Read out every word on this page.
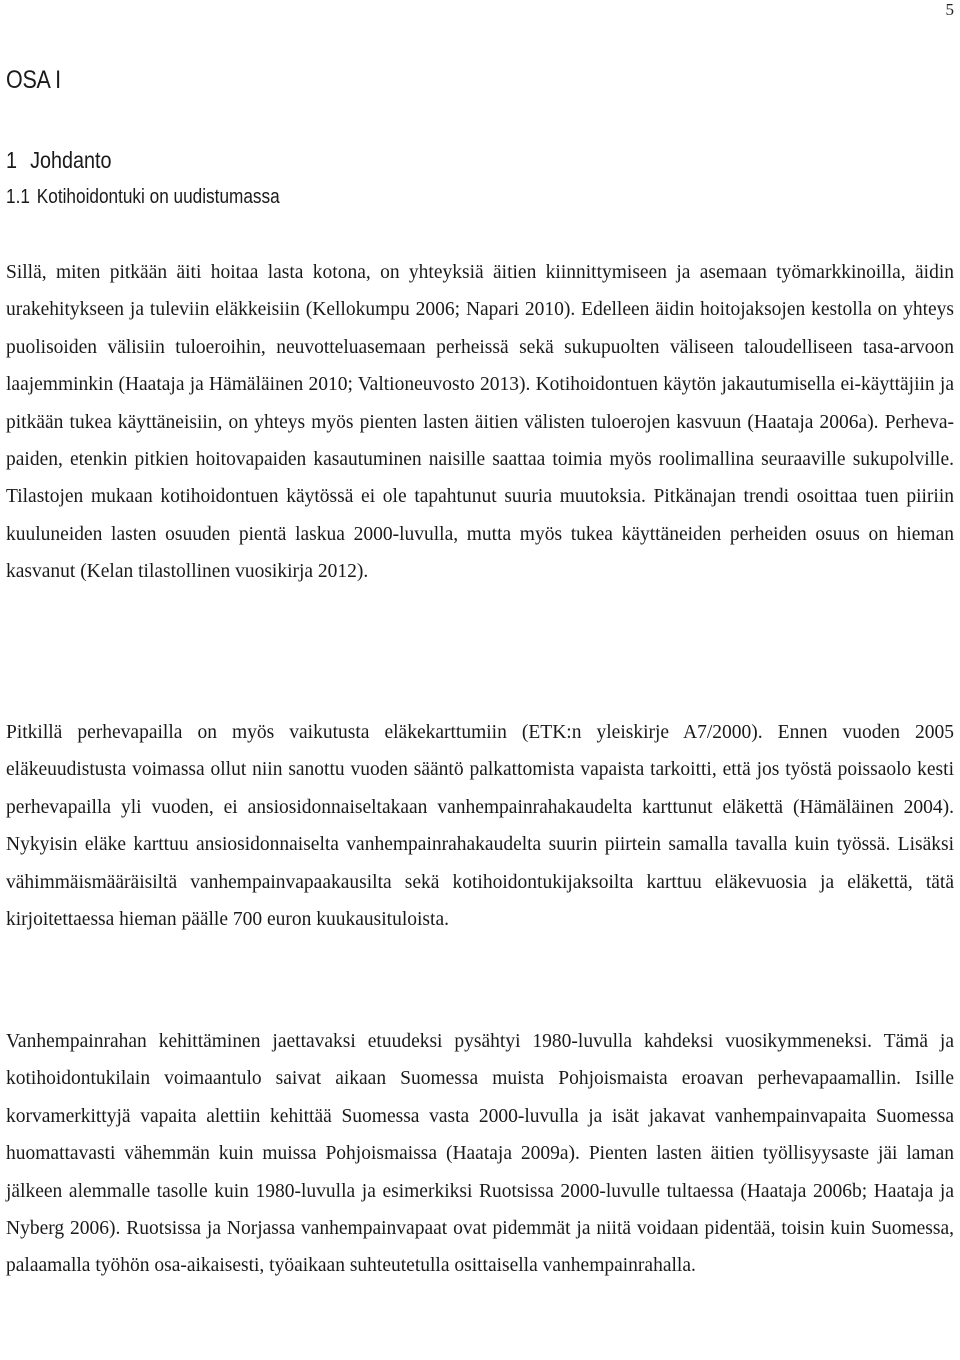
5
OSA I
1 Johdanto
1.1 Kotihoidontuki on uudistumassa

Sillä, miten pitkään äiti hoitaa lasta kotona, on yhteyksiä äitien kiinnittymiseen ja asemaan työmarkkinoilla, äidin urakehitykseen ja tuleviin eläkkeisiin (Kellokumpu 2006; Napari 2010). Edelleen äidin hoitojaksojen kestolla on yhteys puolisoiden välisiin tuloeroihin, neuvotteluasemaan perheissä sekä sukupuolten väliseen taloudelliseen tasa-arvoon laajemminkin (Haataja ja Hämäläinen 2010; Valtioneuvosto 2013). Kotihoidontuen käytön jakautumisella ei-käyttäjiin ja pitkään tukea käyttäneisiin, on yhteys myös pienten lasten äitien välisten tuloerojen kasvuun (Haataja 2006a). Perhevapaiden, etenkin pitkien hoitovapaiden kasautuminen naisille saattaa toimia myös roolimallina seuraaville sukupolville. Tilastojen mukaan kotihoidontuen käytössä ei ole tapahtunut suuria muutoksia. Pitkänajan trendi osoittaa tuen piiriin kuuluneiden lasten osuuden pientä laskua 2000-luvulla, mutta myös tukea käyttäneiden perheiden osuus on hieman kasvanut (Kelan tilastollinen vuosikirja 2012).

Pitkillä perhevapailla on myös vaikutusta eläkekarttumiin (ETK:n yleiskirje A7/2000). Ennen vuoden 2005 eläkeuudistusta voimassa ollut niin sanottu vuoden sääntö palkattomista vapaista tarkoitti, että jos työstä poissaolo kesti perhevapailla yli vuoden, ei ansiosidonnaiseltakaan vanhempainrahakaudelta karttunut eläkettä (Hämäläinen 2004). Nykyisin eläke karttuu ansiosidonnaiselta vanhempainrahakaudelta suurin piirtein samalla tavalla kuin työssä. Lisäksi vähimmäismääräisiltä vanhempainvapaakausilta sekä kotihoidontukijaksoilta karttuu eläkevuosia ja eläkettä, tätä kirjoitettaessa hieman päälle 700 euron kuukausituloista.

Vanhempainrahan kehittäminen jaettavaksi etuudeksi pysähtyi 1980-luvulla kahdeksi vuosikymmeneksi. Tämä ja kotihoidontukilain voimaantulo saivat aikaan Suomessa muista Pohjoismaista eroavan perhevapaamallin. Isille korvamerkittyjä vapaita alettiin kehittää Suomessa vasta 2000-luvulla ja isät jakavat vanhempainvapaita Suomessa huomattavasti vähemmän kuin muissa Pohjoismaissa (Haataja 2009a). Pienten lasten äitien työllisyysaste jäi laman jälkeen alemmalle tasolle kuin 1980-luvulla ja esimerkiksi Ruotsissa 2000-luvulle tultaessa (Haataja 2006b; Haataja ja Nyberg 2006). Ruotsissa ja Norjassa vanhempainvapaat ovat pidemmät ja niitä voidaan pidentää, toisin kuin Suomessa, palaamalla työhön osa-aikaisesti, työaikaan suhteutetulla osittaisella vanhempainrahalla.
